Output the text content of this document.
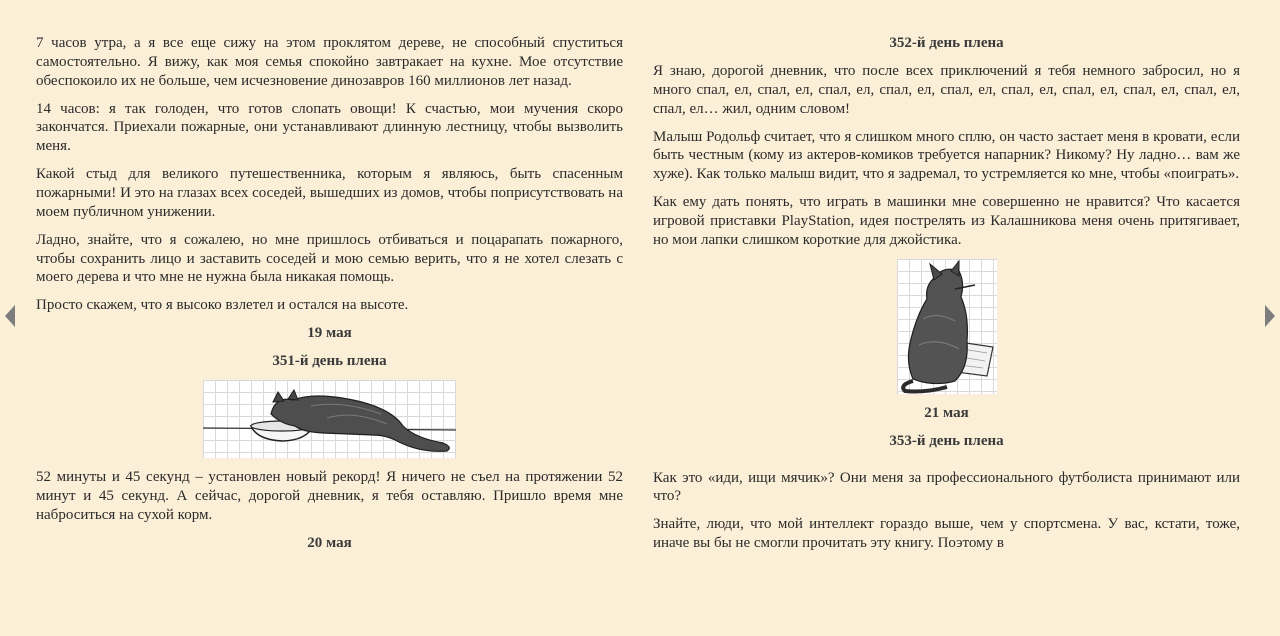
7 часов утра, а я все еще сижу на этом проклятом дереве, не способный спуститься самостоятельно. Я вижу, как моя семья спокойно завтракает на кухне. Мое отсутствие обеспокоило их не больше, чем исчезновение динозавров 160 миллионов лет назад.

14 часов: я так голоден, что готов слопать овощи! К счастью, мои мучения скоро закончатся. Приехали пожарные, они устанавливают длинную лестницу, чтобы вызволить меня.

Какой стыд для великого путешественника, которым я являюсь, быть спасенным пожарными! И это на глазах всех соседей, вышедших из домов, чтобы поприсутствовать на моем публичном унижении.

Ладно, знайте, что я сожалею, но мне пришлось отбиваться и поцарапать пожарного, чтобы сохранить лицо и заставить соседей и мою семью верить, что я не хотел слезать с моего дерева и что мне не нужна была никакая помощь.

Просто скажем, что я высоко взлетел и остался на высоте.

19 мая
351-й день плена

52 минуты и 45 секунд – установлен новый рекорд! Я ничего не съел на протяжении 52 минут и 45 секунд. А сейчас, дорогой дневник, я тебя оставляю. Пришло время мне наброситься на сухой корм.

20 мая
352-й день плена

Я знаю, дорогой дневник, что после всех приключений я тебя немного забросил, но я много спал, ел, спал, ел, спал, ел, спал, ел, спал, ел, спал, ел, спал, ел, спал, ел, спал, ел, спал, ел… жил, одним словом!

Малыш Родольф считает, что я слишком много сплю, он часто застает меня в кровати, если быть честным (кому из актеров-комиков требуется напарник? Никому? Ну ладно… вам же хуже). Как только малыш видит, что я задремал, то устремляется ко мне, чтобы «поиграть».

Как ему дать понять, что играть в машинки мне совершенно не нравится? Что касается игровой приставки PlayStation, идея пострелять из Калашникова меня очень притягивает, но мои лапки слишком короткие для джойстика.

21 мая
353-й день плена

Как это «иди, ищи мячик»? Они меня за профессионального футболиста принимают или что?

Знайте, люди, что мой интеллект гораздо выше, чем у спортсмена. У вас, кстати, тоже, иначе вы бы не смогли прочитать эту книгу. Поэтому в
